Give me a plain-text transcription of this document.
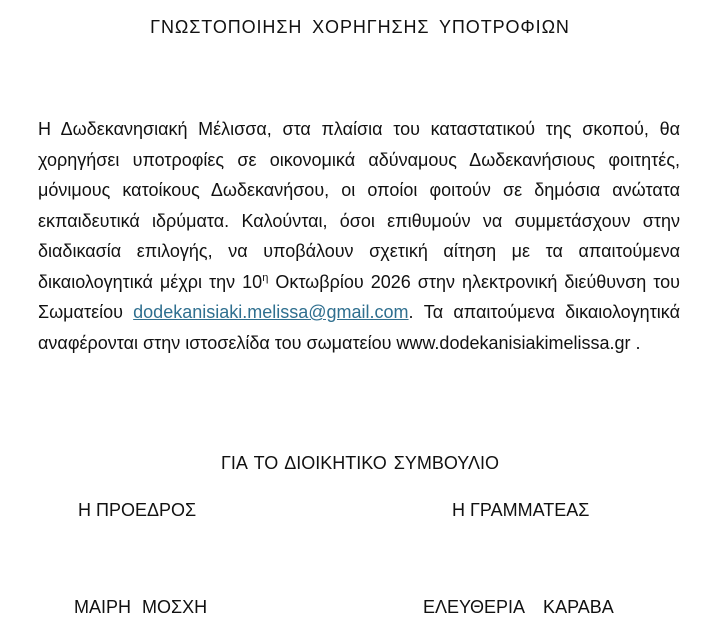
ΓΝΩΣΤΟΠΟΙΗΣΗ ΧΟΡΗΓΗΣΗΣ ΥΠΟΤΡΟΦΙΩΝ

Η Δωδεκανησιακή Μέλισσα, στα πλαίσια του καταστατικού της σκοπού, θα χορηγήσει υποτροφίες σε οικονομικά αδύναμους Δωδεκανήσιους φοιτητές, μόνιμους κατοίκους Δωδεκανήσου, οι οποίοι φοιτούν σε δημόσια ανώτατα εκπαιδευτικά ιδρύματα. Καλούνται, όσοι επιθυμούν να συμμετάσχουν στην διαδικασία επιλογής, να υποβάλουν σχετική αίτηση με τα απαιτούμενα δικαιολογητικά μέχρι την $10^\eta$ Οκτωβρίου 2026 στην ηλεκτρονική διεύθυνση του Σωματείου dodekanisiaki.melissa@gmail.com. Τα απαιτούμενα δικαιολογητικά αναφέρονται στην ιστοσελίδα του σωματείου www.dodekanisiakimelissa.gr .

ΓΙΑ ΤΟ ΔΙΟΙΚΗΤΙΚΟ ΣΥΜΒΟΥΛΙΟ
Η ΠΡΟΕΔΡΟΣ	Η ΓΡΑΜΜΑΤΕΑΣ
ΜΑΙΡΗ ΜΟΣΧΗ	ΕΛΕΥΘΕΡΙΑ ΚΑΡΑΒΑ
